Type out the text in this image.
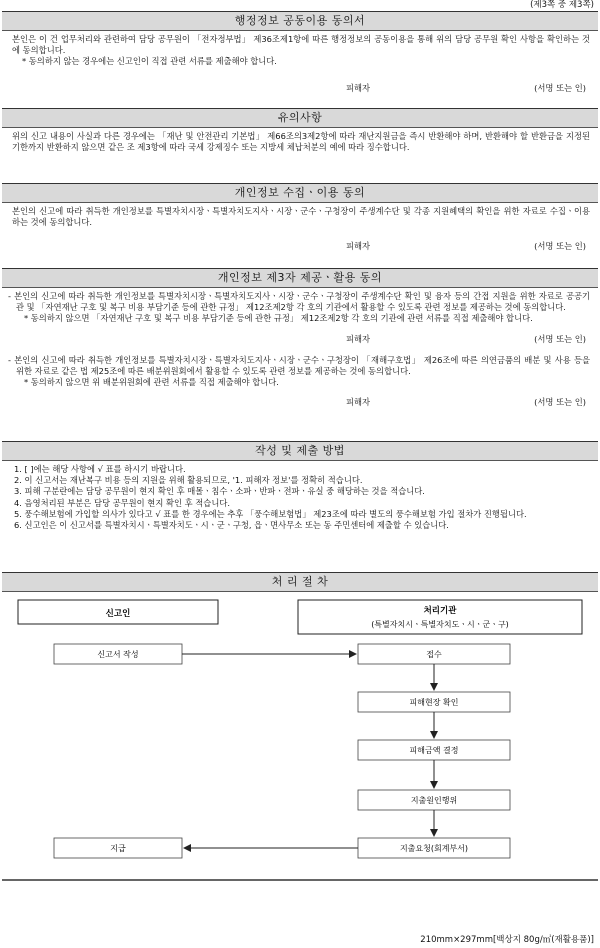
(제3쪽 중 제3쪽)
행정정보 공동이용 동의서

본인은 이 건 업무처리와 관련하여 담당 공무원이 「전자정부법」 제36조제1항에 따른 행정정보의 공동이용을 통해 위의 담당 공무원 확인 사항을 확인하는 것에 동의합니다.

* 동의하지 않는 경우에는 신고인이 직접 관련 서류를 제출해야 합니다.

피해자	(서명 또는 인)
유의사항

위의 신고 내용이 사실과 다른 경우에는 「재난 및 안전관리 기본법」 제66조의3제2항에 따라 재난지원금을 즉시 반환해야 하며, 반환해야 할 반환금을 지정된 기한까지 반환하지 않으면 같은 조 제3항에 따라 국세 강제징수 또는 지방세 체납처분의 예에 따라 징수합니다.

개인정보 수집ㆍ이용 동의

본인의 신고에 따라 취득한 개인정보를 특별자치시장ㆍ특별자치도지사ㆍ시장ㆍ군수ㆍ구청장이 주생계수단 및 각종 지원혜택의 확인을 위한 자료로 수집ㆍ이용하는 것에 동의합니다.

피해자	(서명 또는 인)
개인정보 제3자 제공ㆍ활용 동의

- 본인의 신고에 따라 취득한 개인정보를 특별자치시장ㆍ특별자치도지사ㆍ시장ㆍ군수ㆍ구청장이 주생계수단 확인 및 융자 등의 간접 지원을 위한 자료로 공공기관 및 「자연재난 구호 및 복구 비용 부담기준 등에 관한 규정」 제12조제2항 각 호의 기관에서 활용할 수 있도록 관련 정보를 제공하는 것에 동의합니다.

* 동의하지 않으면 「자연재난 구호 및 복구 비용 부담기준 등에 관한 규정」 제12조제2항 각 호의 기관에 관련 서류를 직접 제출해야 합니다.

피해자	(서명 또는 인)

- 본인의 신고에 따라 취득한 개인정보를 특별자치시장ㆍ특별자치도지사ㆍ시장ㆍ군수ㆍ구청장이 「재해구호법」 제26조에 따른 의연금품의 배분 및 사용 등을 위한 자료로 같은 법 제25조에 따른 배분위원회에서 활용할 수 있도록 관련 정보를 제공하는 것에 동의합니다.

* 동의하지 않으면 위 배분위원회에 관련 서류를 직접 제출해야 합니다.

피해자	(서명 또는 인)
작성 및 제출 방법
1. [ ]에는 해당 사항에 √ 표를 하시기 바랍니다.
2. 이 신고서는 재난복구 비용 등의 지원을 위해 활용되므로, '1. 피해자 정보'를 정확히 적습니다.
3. 피해 구분란에는 담당 공무원이 현지 확인 후 매몰ㆍ침수ㆍ소파ㆍ반파ㆍ전파ㆍ유실 중 해당하는 것을 적습니다.
4. 음영처리된 부분은 담당 공무원이 현지 확인 후 적습니다.
5. 풍수해보험에 가입할 의사가 있다고 √ 표를 한 경우에는 추후 「풍수해보험법」 제23조에 따라 별도의 풍수해보험 가입 절차가 진행됩니다.
6. 신고인은 이 신고서를 특별자치시ㆍ특별자치도ㆍ시ㆍ군ㆍ구청, 읍ㆍ면사무소 또는 동 주민센터에 제출할 수 있습니다.
처 리 절 차
신고인	처리기관
(특별자치시ㆍ특별자치도ㆍ시ㆍ군ㆍ구)
신고서 작성
지급
접수
피해현장 확인
피해금액 결정
지출원인행위
지출요청(회계부서)
210mm×297mm[백상지 80g/㎡(재활용품)]
